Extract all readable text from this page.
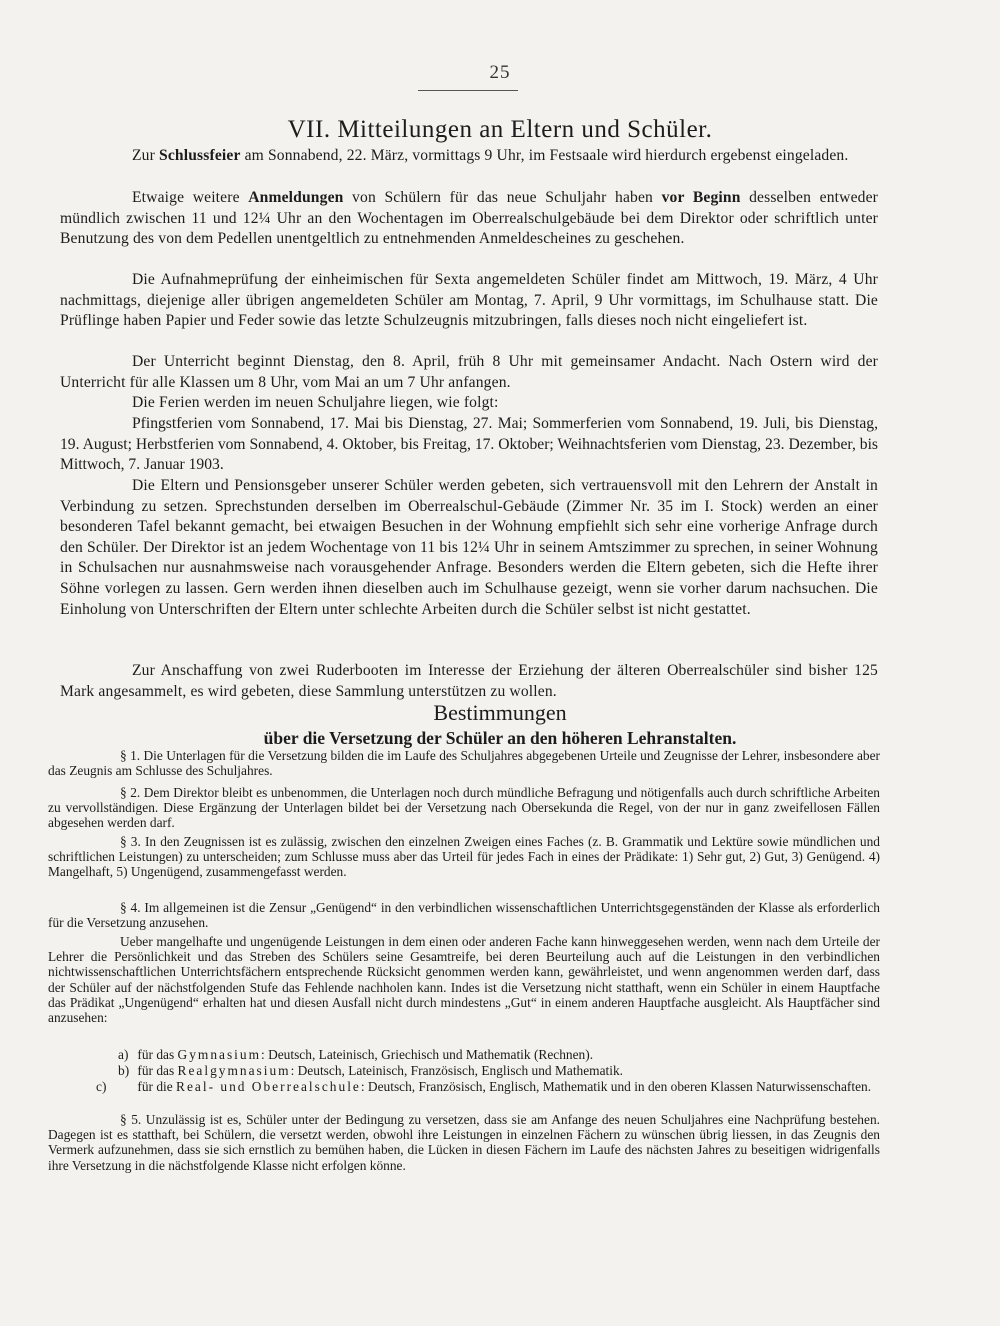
25
VII. Mitteilungen an Eltern und Schüler.
Zur Schlussfeier am Sonnabend, 22. März, vormittags 9 Uhr, im Festsaale wird hierdurch ergebenst eingeladen.
Etwaige weitere Anmeldungen von Schülern für das neue Schuljahr haben vor Beginn desselben entweder mündlich zwischen 11 und 12¼ Uhr an den Wochentagen im Oberrealschulgebäude bei dem Direktor oder schriftlich unter Benutzung des von dem Pedellen unentgeltlich zu entnehmenden Anmeldescheines zu geschehen.
Die Aufnahmeprüfung der einheimischen für Sexta angemeldeten Schüler findet am Mittwoch, 19. März, 4 Uhr nachmittags, diejenige aller übrigen angemeldeten Schüler am Montag, 7. April, 9 Uhr vormittags, im Schulhause statt. Die Prüflinge haben Papier und Feder sowie das letzte Schulzeugnis mitzubringen, falls dieses noch nicht eingeliefert ist.
Der Unterricht beginnt Dienstag, den 8. April, früh 8 Uhr mit gemeinsamer Andacht. Nach Ostern wird der Unterricht für alle Klassen um 8 Uhr, vom Mai an um 7 Uhr anfangen.
Die Ferien werden im neuen Schuljahre liegen, wie folgt:
Pfingstferien vom Sonnabend, 17. Mai bis Dienstag, 27. Mai; Sommerferien vom Sonnabend, 19. Juli, bis Dienstag, 19. August; Herbstferien vom Sonnabend, 4. Oktober, bis Freitag, 17. Oktober; Weihnachtsferien vom Dienstag, 23. Dezember, bis Mittwoch, 7. Januar 1903.
Die Eltern und Pensionsgeber unserer Schüler werden gebeten, sich vertrauensvoll mit den Lehrern der Anstalt in Verbindung zu setzen. Sprechstunden derselben im Oberrealschul-Gebäude (Zimmer Nr. 35 im I. Stock) werden an einer besonderen Tafel bekannt gemacht, bei etwaigen Besuchen in der Wohnung empfiehlt sich sehr eine vorherige Anfrage durch den Schüler. Der Direktor ist an jedem Wochentage von 11 bis 12¼ Uhr in seinem Amtszimmer zu sprechen, in seiner Wohnung in Schulsachen nur ausnahmsweise nach vorausgehender Anfrage. Besonders werden die Eltern gebeten, sich die Hefte ihrer Söhne vorlegen zu lassen. Gern werden ihnen dieselben auch im Schulhause gezeigt, wenn sie vorher darum nachsuchen. Die Einholung von Unterschriften der Eltern unter schlechte Arbeiten durch die Schüler selbst ist nicht gestattet.
Zur Anschaffung von zwei Ruderbooten im Interesse der Erziehung der älteren Oberrealschüler sind bisher 125 Mark angesammelt, es wird gebeten, diese Sammlung unterstützen zu wollen.
Bestimmungen
über die Versetzung der Schüler an den höheren Lehranstalten.
§ 1. Die Unterlagen für die Versetzung bilden die im Laufe des Schuljahres abgegebenen Urteile und Zeugnisse der Lehrer, insbesondere aber das Zeugnis am Schlusse des Schuljahres.
§ 2. Dem Direktor bleibt es unbenommen, die Unterlagen noch durch mündliche Befragung und nötigenfalls auch durch schriftliche Arbeiten zu vervollständigen. Diese Ergänzung der Unterlagen bildet bei der Versetzung nach Obersekunda die Regel, von der nur in ganz zweifellosen Fällen abgesehen werden darf.
§ 3. In den Zeugnissen ist es zulässig, zwischen den einzelnen Zweigen eines Faches (z. B. Grammatik und Lektüre sowie mündlichen und schriftlichen Leistungen) zu unterscheiden; zum Schlusse muss aber das Urteil für jedes Fach in eines der Prädikate: 1) Sehr gut, 2) Gut, 3) Genügend. 4) Mangelhaft, 5) Ungenügend, zusammengefasst werden.
§ 4. Im allgemeinen ist die Zensur „Genügend“ in den verbindlichen wissenschaftlichen Unterrichtsgegenständen der Klasse als erforderlich für die Versetzung anzusehen.
Ueber mangelhafte und ungenügende Leistungen in dem einen oder anderen Fache kann hinweggesehen werden, wenn nach dem Urteile der Lehrer die Persönlichkeit und das Streben des Schülers seine Gesamtreife, bei deren Beurteilung auch auf die Leistungen in den verbindlichen nichtwissenschaftlichen Unterrichtsfächern entsprechende Rücksicht genommen werden kann, gewährleistet, und wenn angenommen werden darf, dass der Schüler auf der nächstfolgenden Stufe das Fehlende nachholen kann. Indes ist die Versetzung nicht statthaft, wenn ein Schüler in einem Hauptfache das Prädikat „Ungenügend“ erhalten hat und diesen Ausfall nicht durch mindestens „Gut“ in einem anderen Hauptfache ausgleicht. Als Hauptfächer sind anzusehen:
a) für das Gymnasium: Deutsch, Lateinisch, Griechisch und Mathematik (Rechnen).
b) für das Realgymnasium: Deutsch, Lateinisch, Französisch, Englisch und Mathematik.
c) für die Real- und Oberrealschule: Deutsch, Französisch, Englisch, Mathematik und in den oberen Klassen Naturwissenschaften.
§ 5. Unzulässig ist es, Schüler unter der Bedingung zu versetzen, dass sie am Anfange des neuen Schuljahres eine Nachprüfung bestehen. Dagegen ist es statthaft, bei Schülern, die versetzt werden, obwohl ihre Leistungen in einzelnen Fächern zu wünschen übrig liessen, in das Zeugnis den Vermerk aufzunehmen, dass sie sich ernstlich zu bemühen haben, die Lücken in diesen Fächern im Laufe des nächsten Jahres zu beseitigen widrigenfalls ihre Versetzung in die nächstfolgende Klasse nicht erfolgen könne.
